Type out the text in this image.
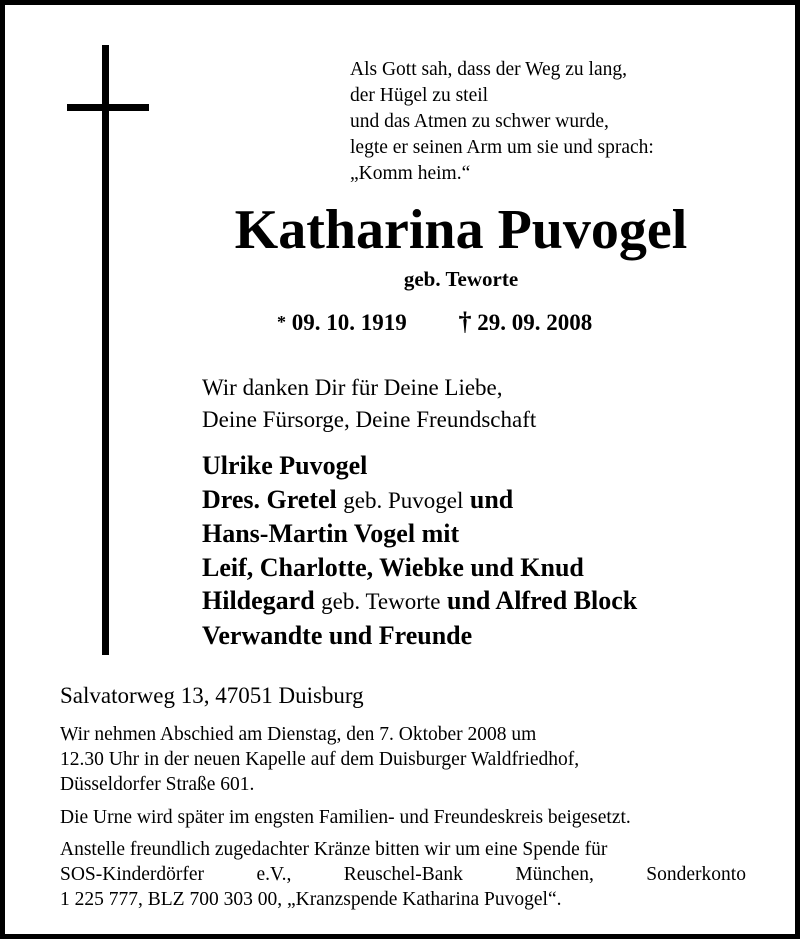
Als Gott sah, dass der Weg zu lang,
der Hügel zu steil
und das Atmen zu schwer wurde,
legte er seinen Arm um sie und sprach:
„Komm heim.“
Katharina Puvogel
geb. Teworte
* 09. 10. 1919 † 29. 09. 2008
Wir danken Dir für Deine Liebe,
Deine Fürsorge, Deine Freundschaft
Ulrike Puvogel
Dres. Gretel geb. Puvogel und
Hans-Martin Vogel mit
Leif, Charlotte, Wiebke und Knud
Hildegard geb. Teworte und Alfred Block
Verwandte und Freunde
Salvatorweg 13, 47051 Duisburg
Wir nehmen Abschied am Dienstag, den 7. Oktober 2008 um
12.30 Uhr in der neuen Kapelle auf dem Duisburger Waldfriedhof,
Düsseldorfer Straße 601.
Die Urne wird später im engsten Familien- und Freundeskreis beigesetzt.
Anstelle freundlich zugedachter Kränze bitten wir um eine Spende für
SOS-Kinderdörfer	e.V.,	Reuschel-Bank	München,	Sonderkonto
1 225 777, BLZ 700 303 00, „Kranzspende Katharina Puvogel“.
